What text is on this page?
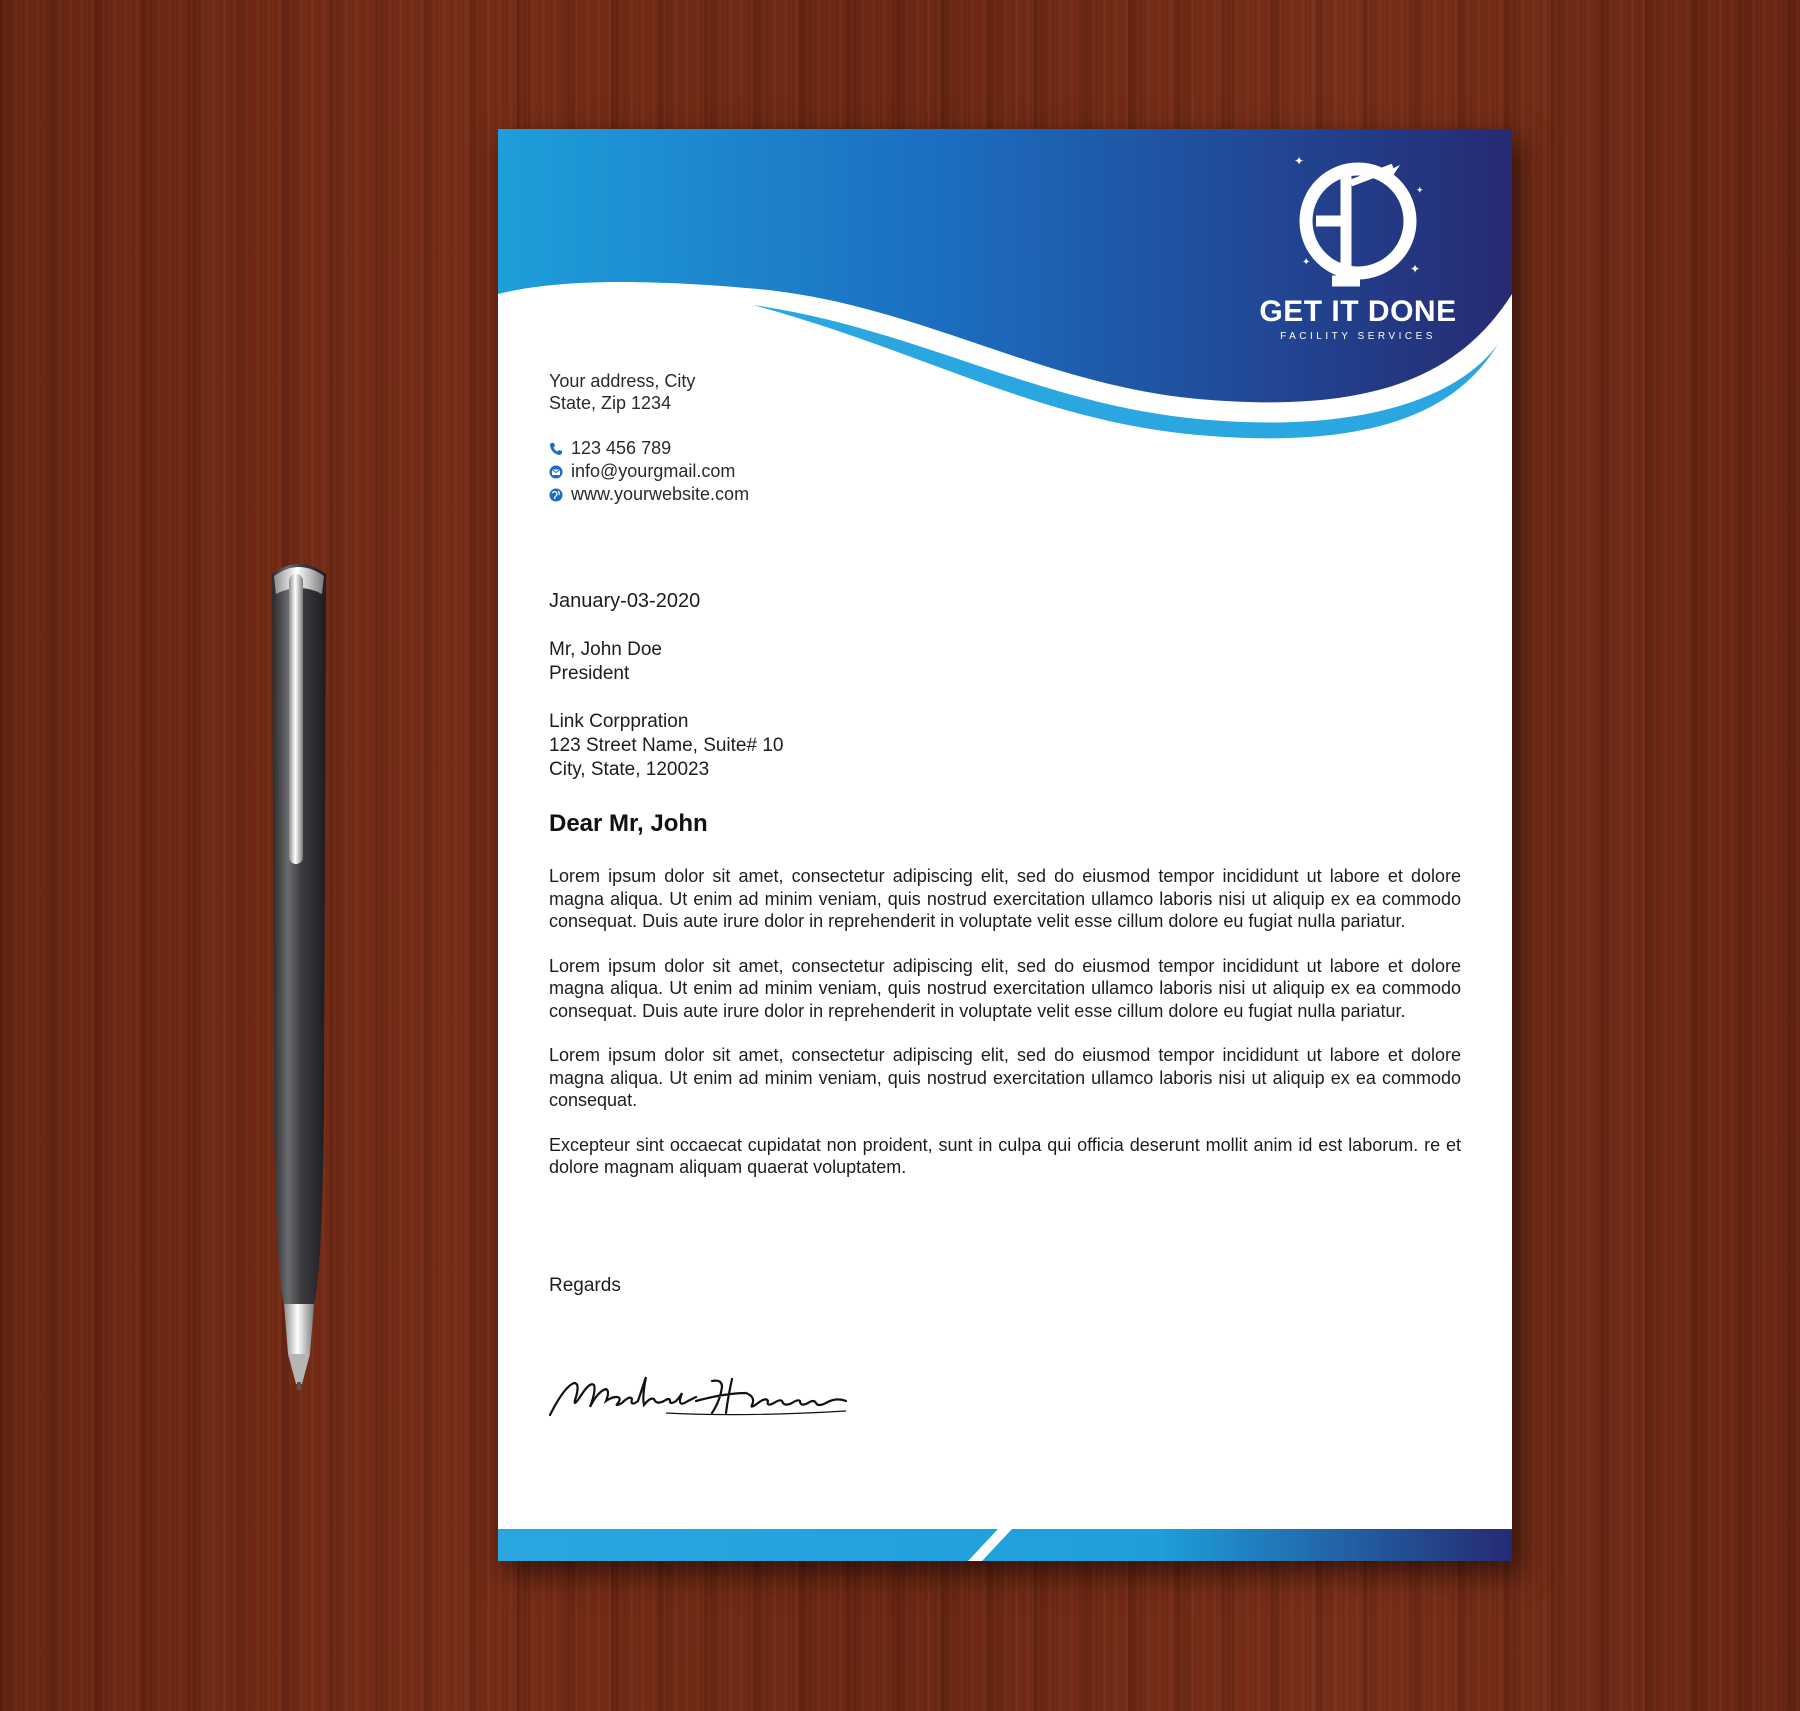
✦
✦
✦
✦
GET IT DONE
FACILITY SERVICES
Your address, City
State, Zip 1234
123 456 789
info@yourgmail.com
www.yourwebsite.com
January-03-2020
Mr, John Doe
President
Link Corppration
123 Street Name, Suite# 10
City, State, 120023
Dear Mr, John

Lorem ipsum dolor sit amet, consectetur adipiscing elit, sed do eiusmod tempor incididunt ut labore et dolore magna aliqua. Ut enim ad minim veniam, quis nostrud exercitation ullamco laboris nisi ut aliquip ex ea commodo consequat. Duis aute irure dolor in reprehenderit in voluptate velit esse cillum dolore eu fugiat nulla pariatur.

Lorem ipsum dolor sit amet, consectetur adipiscing elit, sed do eiusmod tempor incididunt ut labore et dolore magna aliqua. Ut enim ad minim veniam, quis nostrud exercitation ullamco laboris nisi ut aliquip ex ea commodo consequat. Duis aute irure dolor in reprehenderit in voluptate velit esse cillum dolore eu fugiat nulla pariatur.

Lorem ipsum dolor sit amet, consectetur adipiscing elit, sed do eiusmod tempor incididunt ut labore et dolore magna aliqua. Ut enim ad minim veniam, quis nostrud exercitation ullamco laboris nisi ut aliquip ex ea commodo consequat.

Excepteur sint occaecat cupidatat non proident, sunt in culpa qui officia deserunt mollit anim id est laborum. re et dolore magnam aliquam quaerat voluptatem.

Regards
